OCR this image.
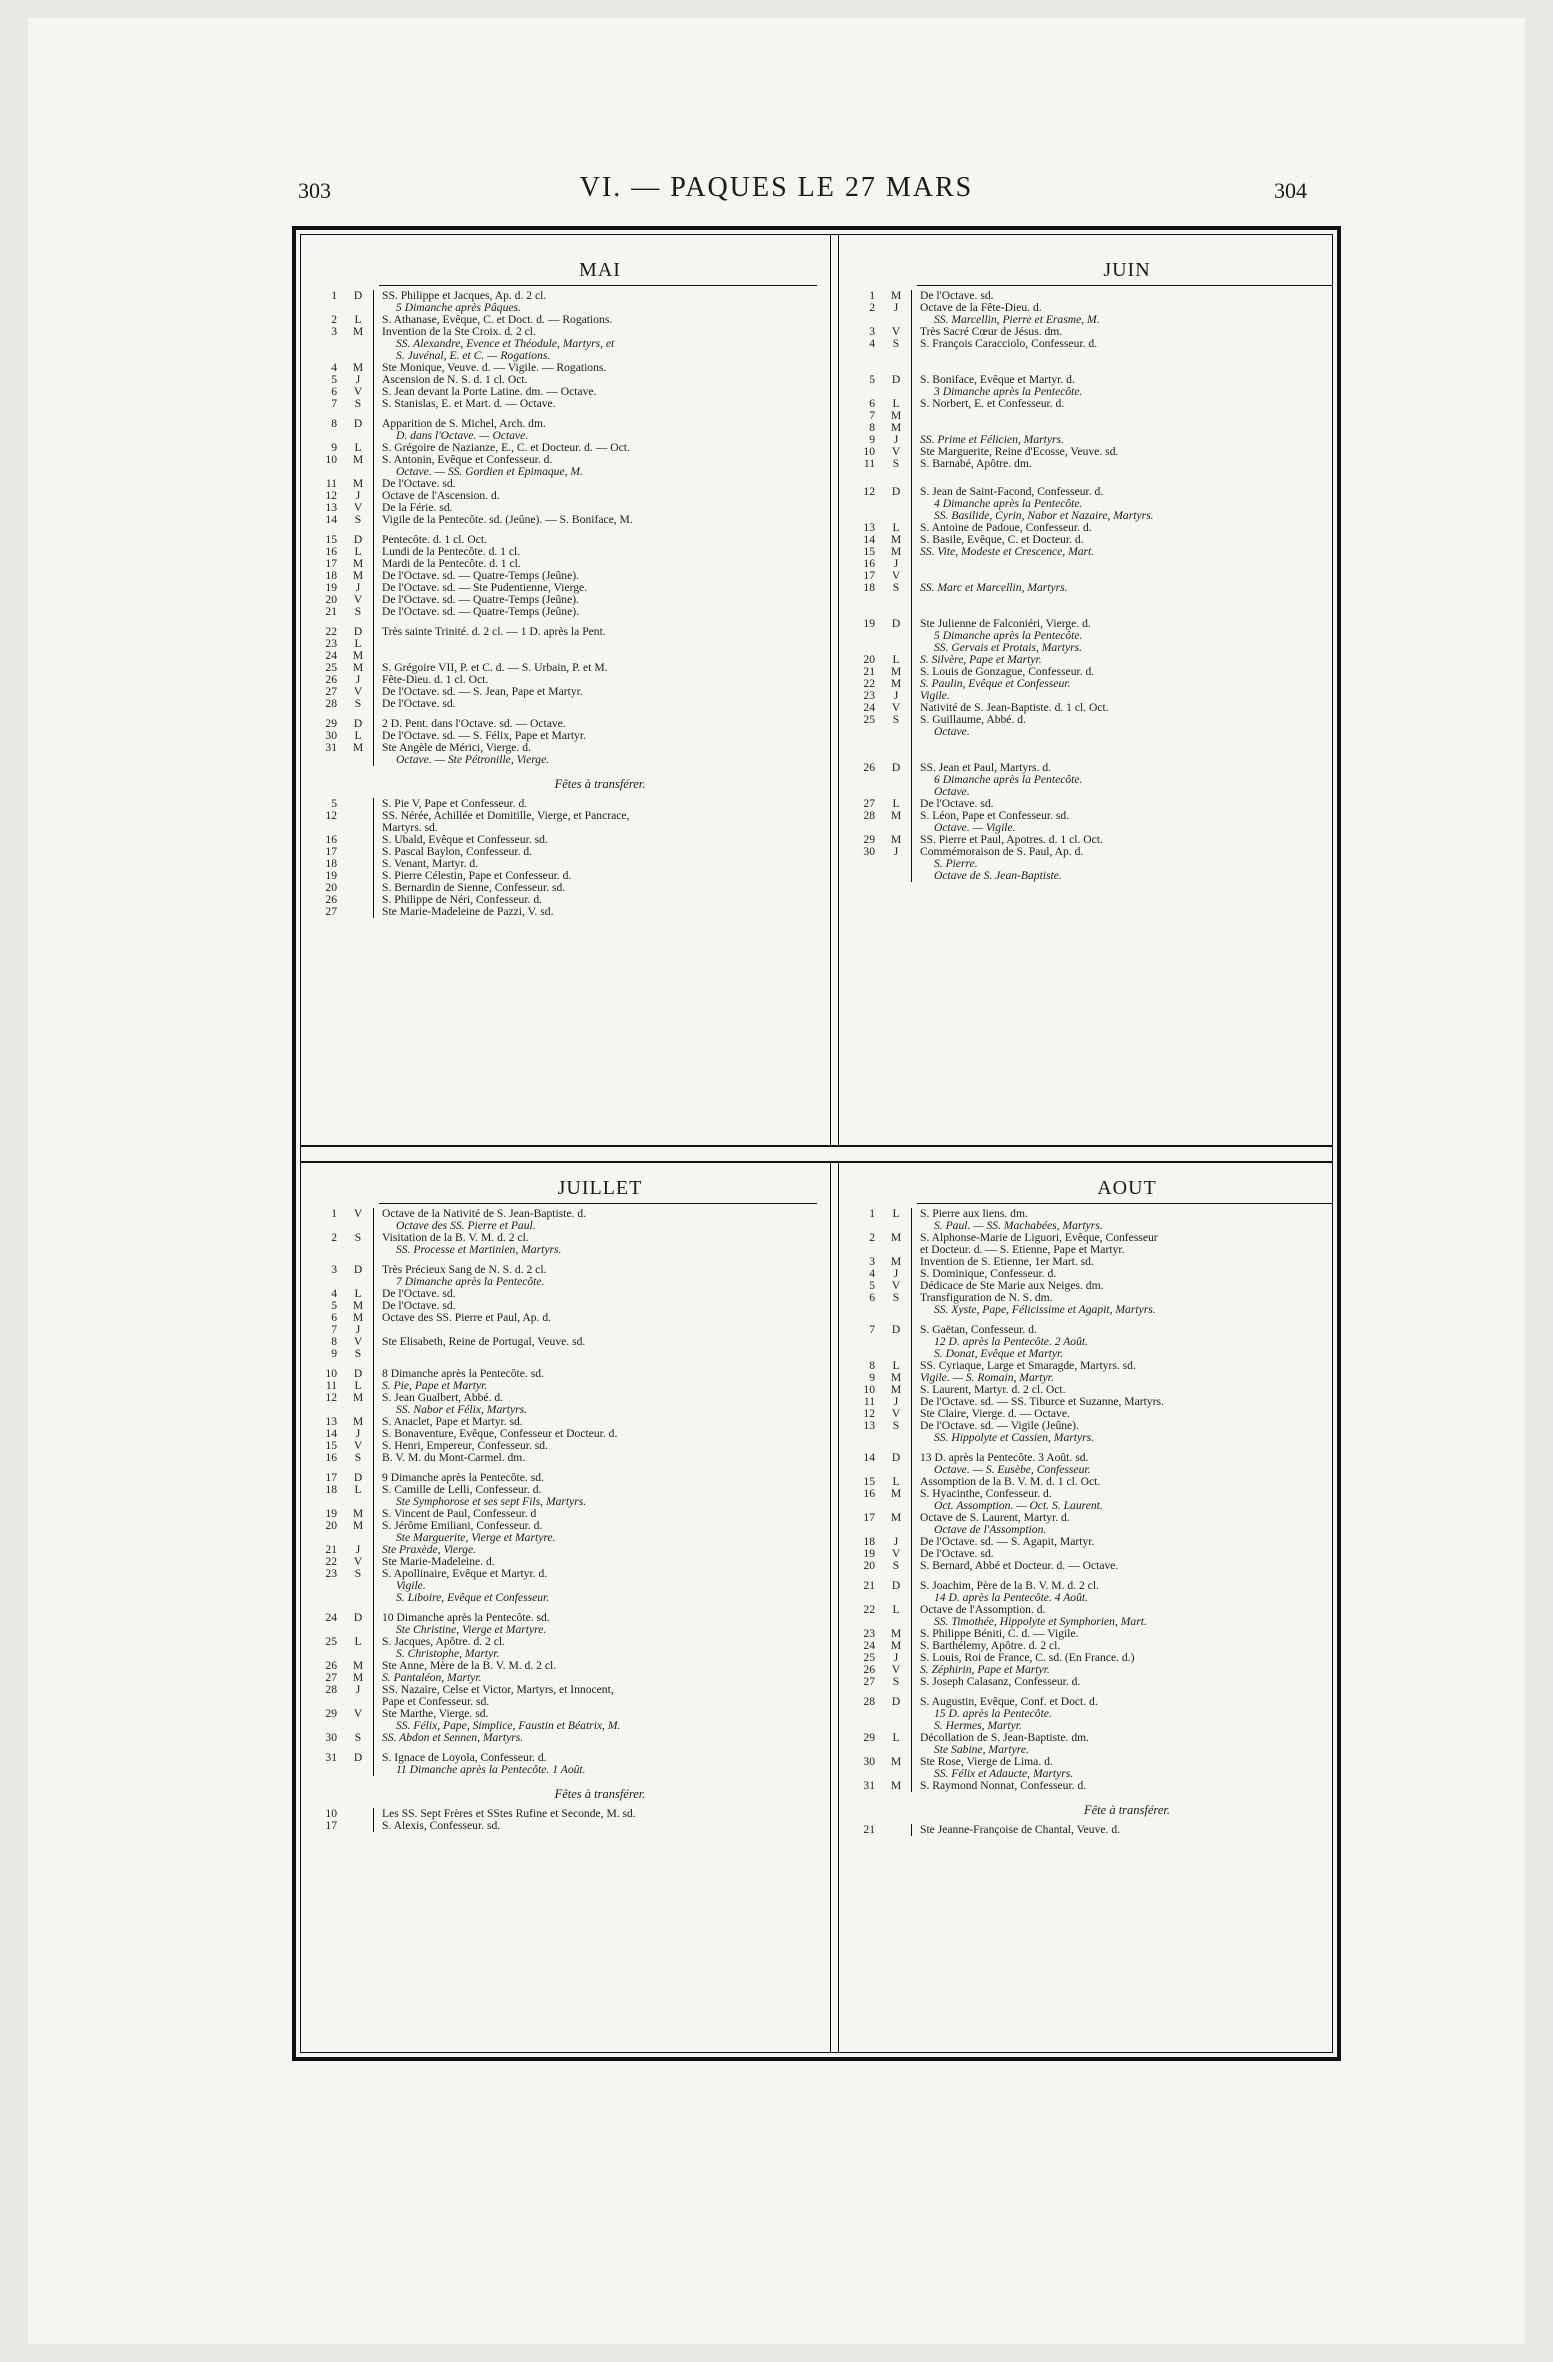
303	VI. — PAQUES LE 27 MARS	304
MAI
1	D	SS. Philippe et Jacques, Ap. d. 2 cl.
5 Dimanche après Pâques.
2	L	S. Athanase, Evêque, C. et Doct. d. — Rogations.
3	M	Invention de la Ste Croix. d. 2 cl.
SS. Alexandre, Evence et Théodule, Martyrs, et
S. Juvénal, E. et C. — Rogations.
4	M	Ste Monique, Veuve. d. — Vigile. — Rogations.
5	J	Ascension de N. S. d. 1 cl. Oct.
6	V	S. Jean devant la Porte Latine. dm. — Octave.
7	S	S. Stanislas, E. et Mart. d. — Octave.
8	D	Apparition de S. Michel, Arch. dm.
D. dans l'Octave. — Octave.
9	L	S. Grégoire de Nazianze, E., C. et Docteur. d. — Oct.
10	M	S. Antonin, Evêque et Confesseur. d.
Octave. — SS. Gordien et Epimaque, M.
11	M	De l'Octave. sd.
12	J	Octave de l'Ascension. d.
13	V	De la Férie. sd.
14	S	Vigile de la Pentecôte. sd. (Jeûne). — S. Boniface, M.
15	D	Pentecôte. d. 1 cl. Oct.
16	L	Lundi de la Pentecôte. d. 1 cl.
17	M	Mardi de la Pentecôte. d. 1 cl.
18	M	De l'Octave. sd. — Quatre-Temps (Jeûne).
19	J	De l'Octave. sd. — Ste Pudentienne, Vierge.
20	V	De l'Octave. sd. — Quatre-Temps (Jeûne).
21	S	De l'Octave. sd. — Quatre-Temps (Jeûne).
22	D	Très sainte Trinité. d. 2 cl. — 1 D. après la Pent.
23	L
24	M
25	M	S. Grégoire VII, P. et C. d. — S. Urbain, P. et M.
26	J	Fête-Dieu. d. 1 cl. Oct.
27	V	De l'Octave. sd. — S. Jean, Pape et Martyr.
28	S	De l'Octave. sd.
29	D	2 D. Pent. dans l'Octave. sd. — Octave.
30	L	De l'Octave. sd. — S. Félix, Pape et Martyr.
31	M	Ste Angèle de Mérici, Vierge. d.
Octave. — Ste Pétronille, Vierge.
Fêtes à transférer.
5	S. Pie V, Pape et Confesseur. d.
12	SS. Nérée, Achillée et Domitille, Vierge, et Pancrace,
Martyrs. sd.
16	S. Ubald, Evêque et Confesseur. sd.
17	S. Pascal Baylon, Confesseur. d.
18	S. Venant, Martyr. d.
19	S. Pierre Célestin, Pape et Confesseur. d.
20	S. Bernardin de Sienne, Confesseur. sd.
26	S. Philippe de Néri, Confesseur. d.
27	Ste Marie-Madeleine de Pazzi, V. sd.
JUIN
1	M	De l'Octave. sd.
2	J	Octave de la Fête-Dieu. d.
SS. Marcellin, Pierre et Erasme, M.
3	V	Très Sacré Cœur de Jésus. dm.
4	S	S. François Caracciolo, Confesseur. d.
5	D	S. Boniface, Evêque et Martyr. d.
3 Dimanche après la Pentecôte.
6	L	S. Norbert, E. et Confesseur. d.
7	M
8	M
9	J	SS. Prime et Félicien, Martyrs.
10	V	Ste Marguerite, Reine d'Ecosse, Veuve. sd.
11	S	S. Barnabé, Apôtre. dm.
12	D	S. Jean de Saint-Facond, Confesseur. d.
4 Dimanche après la Pentecôte.
SS. Basilide, Cyrin, Nabor et Nazaire, Martyrs.
13	L	S. Antoine de Padoue, Confesseur. d.
14	M	S. Basile, Evêque, C. et Docteur. d.
15	M	SS. Vite, Modeste et Crescence, Mart.
16	J
17	V
18	S	SS. Marc et Marcellin, Martyrs.
19	D	Ste Julienne de Falconiéri, Vierge. d.
5 Dimanche après la Pentecôte.
SS. Gervais et Protais, Martyrs.
20	L	S. Silvère, Pape et Martyr.
21	M	S. Louis de Gonzague, Confesseur. d.
22	M	S. Paulin, Evêque et Confesseur.
23	J	Vigile.
24	V	Nativité de S. Jean-Baptiste. d. 1 cl. Oct.
25	S	S. Guillaume, Abbé. d.
Octave.
26	D	SS. Jean et Paul, Martyrs. d.
6 Dimanche après la Pentecôte.
Octave.
27	L	De l'Octave. sd.
28	M	S. Léon, Pape et Confesseur. sd.
Octave. — Vigile.
29	M	SS. Pierre et Paul, Apotres. d. 1 cl. Oct.
30	J	Commémoraison de S. Paul, Ap. d.
S. Pierre.
Octave de S. Jean-Baptiste.
JUILLET
1	V	Octave de la Nativité de S. Jean-Baptiste. d.
Octave des SS. Pierre et Paul.
2	S	Visitation de la B. V. M. d. 2 cl.
SS. Processe et Martinien, Martyrs.
3	D	Très Précieux Sang de N. S. d. 2 cl.
7 Dimanche après la Pentecôte.
4	L	De l'Octave. sd.
5	M	De l'Octave. sd.
6	M	Octave des SS. Pierre et Paul, Ap. d.
7	J
8	V	Ste Elisabeth, Reine de Portugal, Veuve. sd.
9	S
10	D	8 Dimanche après la Pentecôte. sd.
11	L	S. Pie, Pape et Martyr.
12	M	S. Jean Gualbert, Abbé. d.
SS. Nabor et Félix, Martyrs.
13	M	S. Anaclet, Pape et Martyr. sd.
14	J	S. Bonaventure, Evêque, Confesseur et Docteur. d.
15	V	S. Henri, Empereur, Confesseur. sd.
16	S	B. V. M. du Mont-Carmel. dm.
17	D	9 Dimanche après la Pentecôte. sd.
18	L	S. Camille de Lelli, Confesseur. d.
Ste Symphorose et ses sept Fils, Martyrs.
19	M	S. Vincent de Paul, Confesseur. d
20	M	S. Jérôme Emiliani, Confesseur. d.
Ste Marguerite, Vierge et Martyre.
21	J	Ste Praxède, Vierge.
22	V	Ste Marie-Madeleine. d.
23	S	S. Apollinaire, Evêque et Martyr. d.
Vigile.
S. Liboire, Evêque et Confesseur.
24	D	10 Dimanche après la Pentecôte. sd.
Ste Christine, Vierge et Martyre.
25	L	S. Jacques, Apôtre. d. 2 cl.
S. Christophe, Martyr.
26	M	Ste Anne, Mère de la B. V. M. d. 2 cl.
27	M	S. Pantaléon, Martyr.
28	J	SS. Nazaire, Celse et Victor, Martyrs, et Innocent,
Pape et Confesseur. sd.
29	V	Ste Marthe, Vierge. sd.
SS. Félix, Pape, Simplice, Faustin et Béatrix, M.
30	S	SS. Abdon et Sennen, Martyrs.
31	D	S. Ignace de Loyola, Confesseur. d.
11 Dimanche après la Pentecôte. 1 Août.
Fêtes à transférer.
10	Les SS. Sept Frères et SStes Rufine et Seconde, M. sd.
17	S. Alexis, Confesseur. sd.
AOUT
1	L	S. Pierre aux liens. dm.
S. Paul. — SS. Machabées, Martyrs.
2	M	S. Alphonse-Marie de Liguori, Evêque, Confesseur
et Docteur. d. — S. Etienne, Pape et Martyr.
3	M	Invention de S. Etienne, 1er Mart. sd.
4	J	S. Dominique, Confesseur. d.
5	V	Dédicace de Ste Marie aux Neiges. dm.
6	S	Transfiguration de N. S. dm.
SS. Xyste, Pape, Félicissime et Agapit, Martyrs.
7	D	S. Gaëtan, Confesseur. d.
12 D. après la Pentecôte. 2 Août.
S. Donat, Evêque et Martyr.
8	L	SS. Cyriaque, Large et Smaragde, Martyrs. sd.
9	M	Vigile. — S. Romain, Martyr.
10	M	S. Laurent, Martyr. d. 2 cl. Oct.
11	J	De l'Octave. sd. — SS. Tiburce et Suzanne, Martyrs.
12	V	Ste Claire, Vierge. d. — Octave.
13	S	De l'Octave. sd. — Vigile (Jeûne).
SS. Hippolyte et Cassien, Martyrs.
14	D	13 D. après la Pentecôte. 3 Août. sd.
Octave. — S. Eusèbe, Confesseur.
15	L	Assomption de la B. V. M. d. 1 cl. Oct.
16	M	S. Hyacinthe, Confesseur. d.
Oct. Assomption. — Oct. S. Laurent.
17	M	Octave de S. Laurent, Martyr. d.
Octave de l'Assomption.
18	J	De l'Octave. sd. — S. Agapit, Martyr.
19	V	De l'Octave. sd.
20	S	S. Bernard, Abbé et Docteur. d. — Octave.
21	D	S. Joachim, Père de la B. V. M. d. 2 cl.
14 D. après la Pentecôte. 4 Août.
22	L	Octave de l'Assomption. d.
SS. Timothée, Hippolyte et Symphorien, Mart.
23	M	S. Philippe Béniti, C. d. — Vigile.
24	M	S. Barthélemy, Apôtre. d. 2 cl.
25	J	S. Louis, Roi de France, C. sd. (En France. d.)
26	V	S. Zéphirin, Pape et Martyr.
27	S	S. Joseph Calasanz, Confesseur. d.
28	D	S. Augustin, Evêque, Conf. et Doct. d.
15 D. après la Pentecôte.
S. Hermes, Martyr.
29	L	Décollation de S. Jean-Baptiste. dm.
Ste Sabine, Martyre.
30	M	Ste Rose, Vierge de Lima. d.
SS. Félix et Adaucte, Martyrs.
31	M	S. Raymond Nonnat, Confesseur. d.
Fête à transférer.
21	Ste Jeanne-Françoise de Chantal, Veuve. d.
